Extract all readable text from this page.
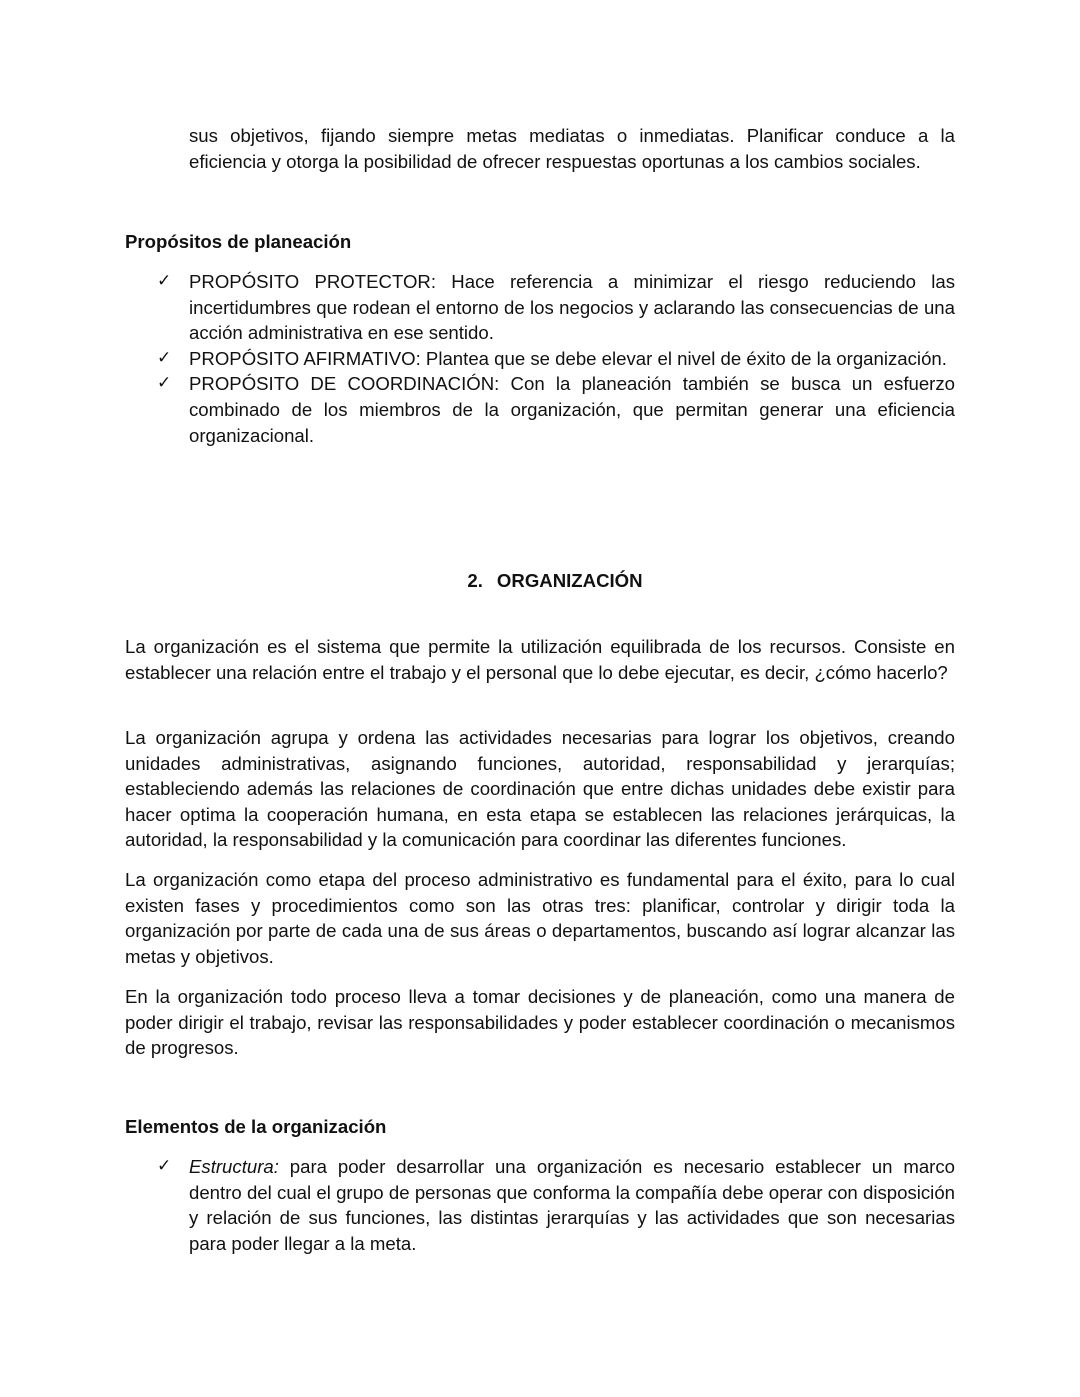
sus objetivos, fijando siempre metas mediatas o inmediatas. Planificar conduce a la eficiencia y otorga la posibilidad de ofrecer respuestas oportunas a los cambios sociales.

Propósitos de planeación
✓ PROPÓSITO PROTECTOR: Hace referencia a minimizar el riesgo reduciendo las incertidumbres que rodean el entorno de los negocios y aclarando las consecuencias de una acción administrativa en ese sentido.
✓ PROPÓSITO AFIRMATIVO: Plantea que se debe elevar el nivel de éxito de la organización.
✓ PROPÓSITO DE COORDINACIÓN: Con la planeación también se busca un esfuerzo combinado de los miembros de la organización, que permitan generar una eficiencia organizacional.
2. ORGANIZACIÓN

La organización es el sistema que permite la utilización equilibrada de los recursos. Consiste en establecer una relación entre el trabajo y el personal que lo debe ejecutar, es decir, ¿cómo hacerlo?

La organización agrupa y ordena las actividades necesarias para lograr los objetivos, creando unidades administrativas, asignando funciones, autoridad, responsabilidad y jerarquías; estableciendo además las relaciones de coordinación que entre dichas unidades debe existir para hacer optima la cooperación humana, en esta etapa se establecen las relaciones jerárquicas, la autoridad, la responsabilidad y la comunicación para coordinar las diferentes funciones.

La organización como etapa del proceso administrativo es fundamental para el éxito, para lo cual existen fases y procedimientos como son las otras tres: planificar, controlar y dirigir toda la organización por parte de cada una de sus áreas o departamentos, buscando así lograr alcanzar las metas y objetivos.

En la organización todo proceso lleva a tomar decisiones y de planeación, como una manera de poder dirigir el trabajo, revisar las responsabilidades y poder establecer coordinación o mecanismos de progresos.

Elementos de la organización
✓ Estructura: para poder desarrollar una organización es necesario establecer un marco dentro del cual el grupo de personas que conforma la compañía debe operar con disposición y relación de sus funciones, las distintas jerarquías y las actividades que son necesarias para poder llegar a la meta.
